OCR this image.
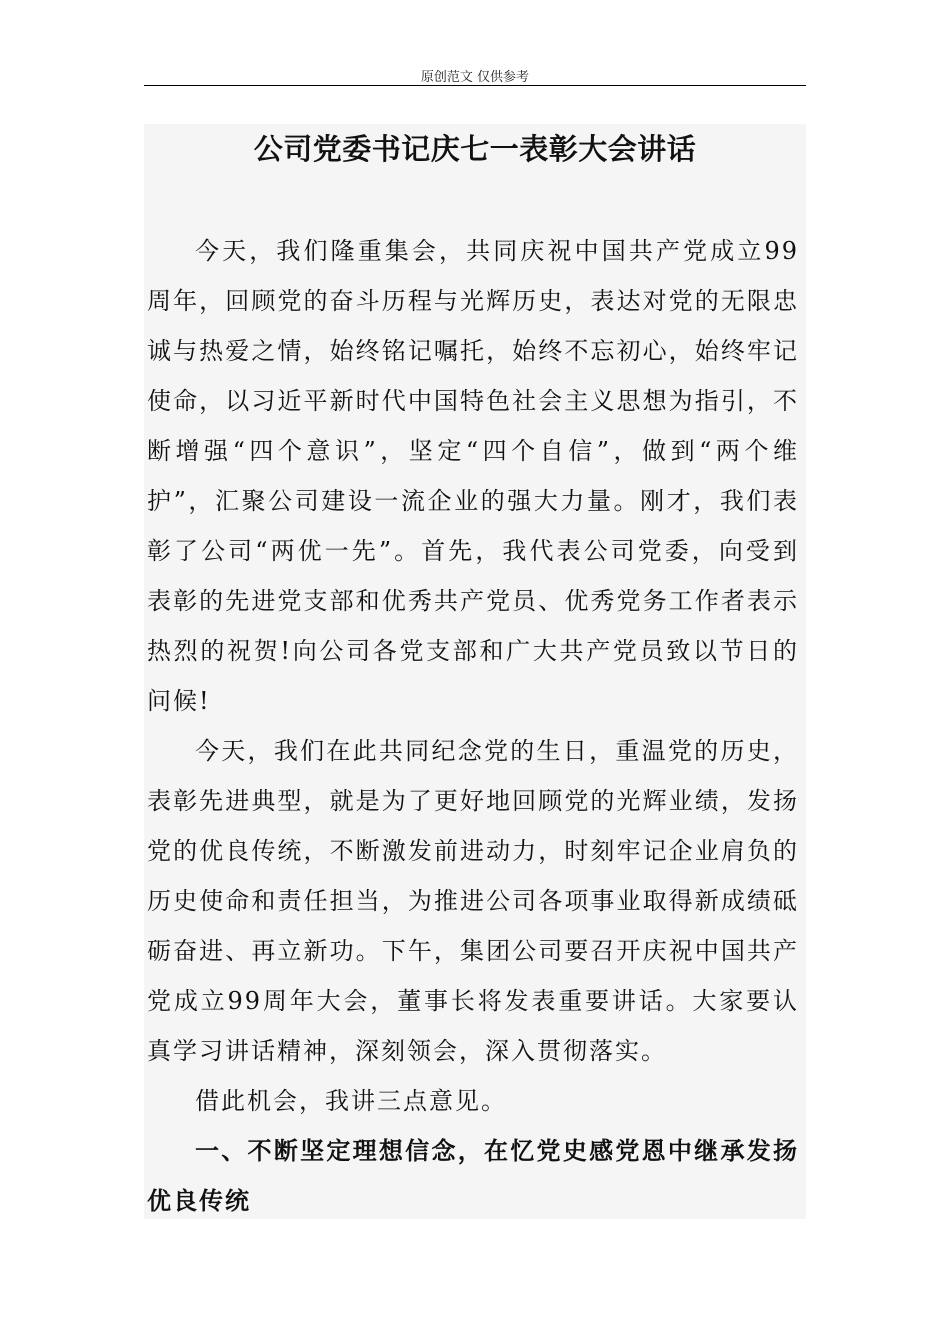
原创范文 仅供参考
公司党委书记庆七一表彰大会讲话

今天，我们隆重集会，共同庆祝中国共产党成立99周年，回顾党的奋斗历程与光辉历史，表达对党的无限忠诚与热爱之情，始终铭记嘱托，始终不忘初心，始终牢记使命，以习近平新时代中国特色社会主义思想为指引，不断增强“四个意识”，坚定“四个自信”，做到“两个维护”，汇聚公司建设一流企业的强大力量。刚才，我们表彰了公司“两优一先”。首先，我代表公司党委，向受到表彰的先进党支部和优秀共产党员、优秀党务工作者表示热烈的祝贺!向公司各党支部和广大共产党员致以节日的问候!

今天，我们在此共同纪念党的生日，重温党的历史，表彰先进典型，就是为了更好地回顾党的光辉业绩，发扬党的优良传统，不断激发前进动力，时刻牢记企业肩负的历史使命和责任担当，为推进公司各项事业取得新成绩砥砺奋进、再立新功。下午，集团公司要召开庆祝中国共产党成立99周年大会，董事长将发表重要讲话。大家要认真学习讲话精神，深刻领会，深入贯彻落实。

借此机会，我讲三点意见。

一、不断坚定理想信念，在忆党史感党恩中继承发扬优良传统
